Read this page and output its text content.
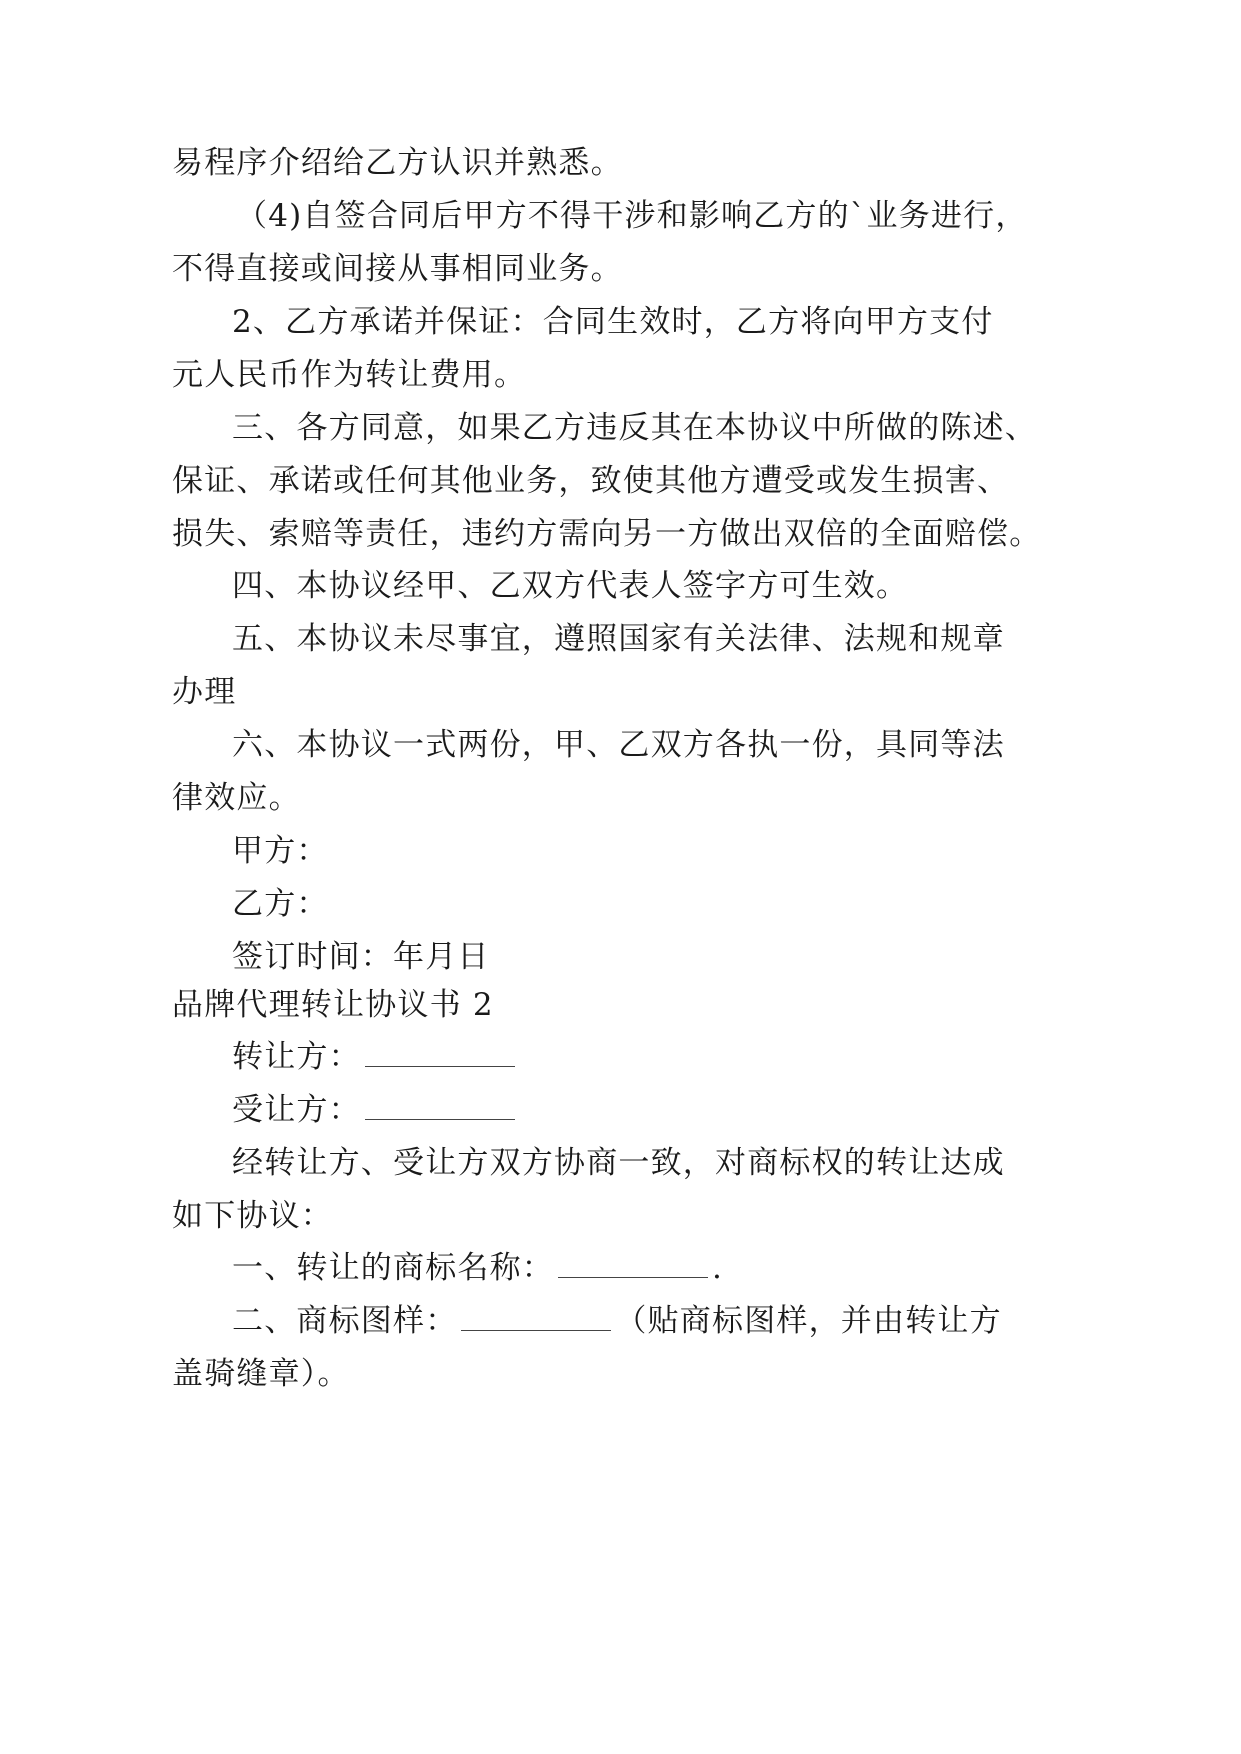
易程序介绍给乙方认识并熟悉。

（4)自签合同后甲方不得干涉和影响乙方的`业务进行，

不得直接或间接从事相同业务。

2、乙方承诺并保证：合同生效时，乙方将向甲方支付

元人民币作为转让费用。

三、各方同意，如果乙方违反其在本协议中所做的陈述、

保证、承诺或任何其他业务，致使其他方遭受或发生损害、

损失、索赔等责任，违约方需向另一方做出双倍的全面赔偿。

四、本协议经甲、乙双方代表人签字方可生效。

五、本协议未尽事宜，遵照国家有关法律、法规和规章

办理

六、本协议一式两份，甲、乙双方各执一份，具同等法

律效应。

甲方：

乙方：

签订时间：年月日

品牌代理转让协议书 2

转让方：

受让方：

经转让方、受让方双方协商一致，对商标权的转让达成

如下协议：

一、转让的商标名称：	.

二、商标图样：	（贴商标图样，并由转让方

盖骑缝章）。
